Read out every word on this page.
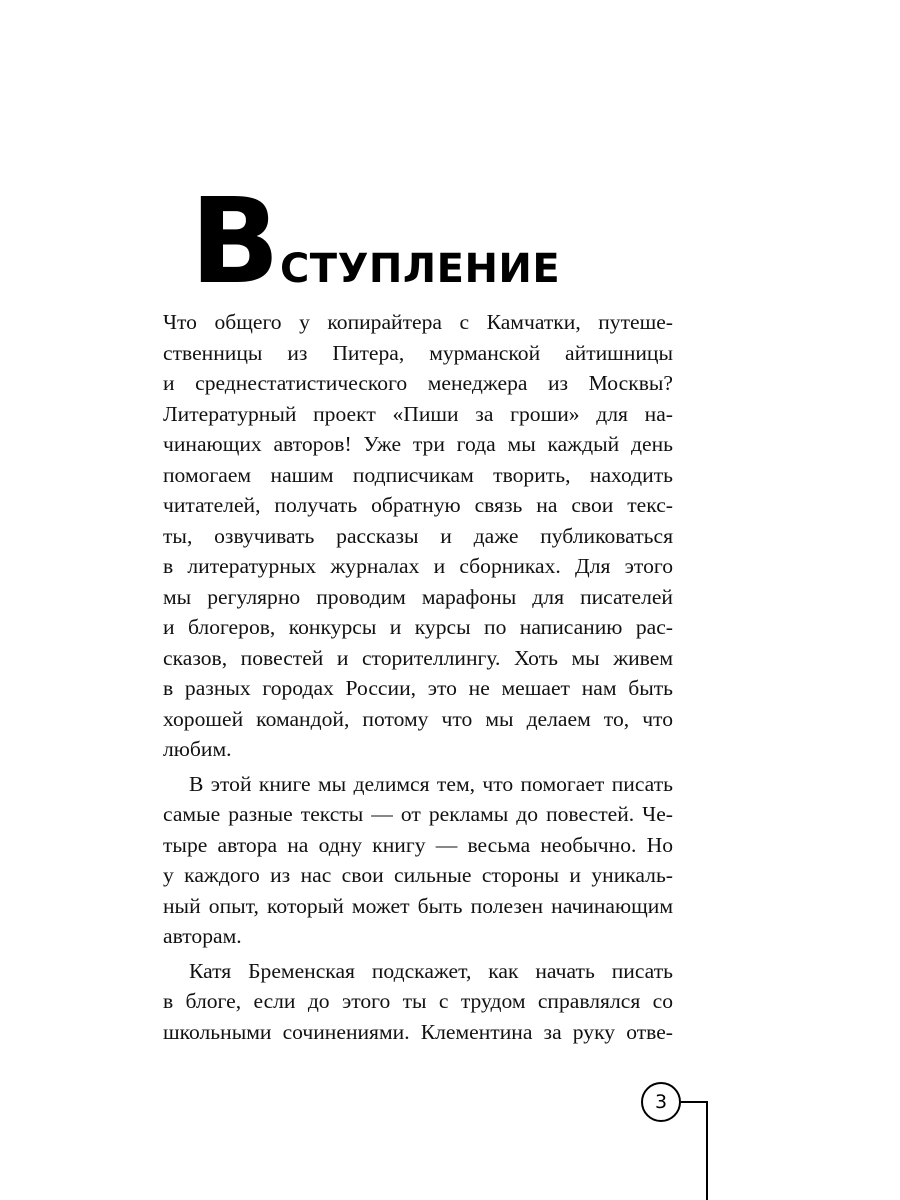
В СТУПЛЕНИЕ
Что общего у копирайтера с Камчатки, путеше-
ственницы из Питера, мурманской айтишницы
и среднестатистического менеджера из Москвы?
Литературный проект «Пиши за гроши» для на-
чинающих авторов! Уже три года мы каждый день
помогаем нашим подписчикам творить, находить
читателей, получать обратную связь на свои текс-
ты, озвучивать рассказы и даже публиковаться
в литературных журналах и сборниках. Для этого
мы регулярно проводим марафоны для писателей
и блогеров, конкурсы и курсы по написанию рас-
сказов, повестей и сторителлингу. Хоть мы живем
в разных городах России, это не мешает нам быть
хорошей командой, потому что мы делаем то, что
любим.
В этой книге мы делимся тем, что помогает писать
самые разные тексты — от рекламы до повестей. Че-
тыре автора на одну книгу — весьма необычно. Но
у каждого из нас свои сильные стороны и уникаль-
ный опыт, который может быть полезен начинающим
авторам.
Катя Бременская подскажет, как начать писать
в блоге, если до этого ты с трудом справлялся со
школьными сочинениями. Клементина за руку отве-
3
